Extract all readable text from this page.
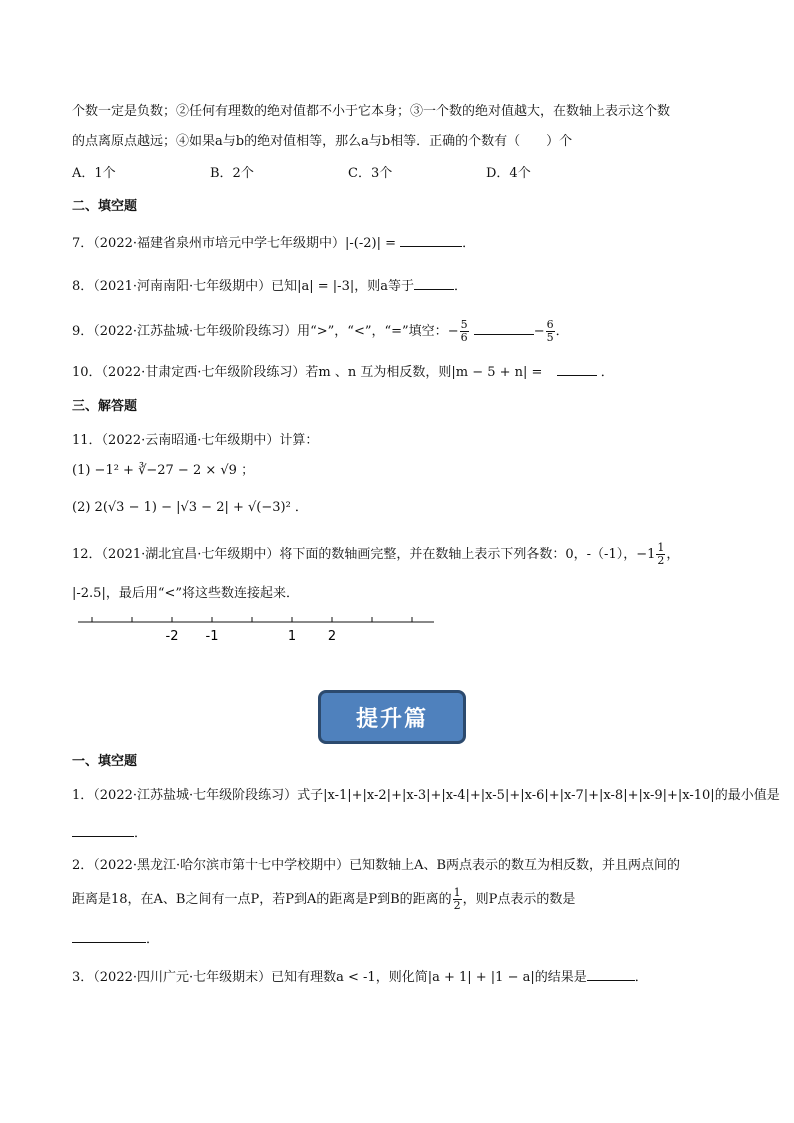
个数一定是负数；②任何有理数的绝对值都不小于它本身；③一个数的绝对值越大，在数轴上表示这个数
的点离原点越远；④如果a与b的绝对值相等，那么a与b相等．正确的个数有（　　）个
A．1个	B．2个	C．3个	D．4个
二、填空题
7．（2022·福建省泉州市培元中学七年级期中）|-(-2)| =	．
8．（2021·河南南阳·七年级期中）已知|a| = |-3|，则a等于	．
9．（2022·江苏盐城·七年级阶段练习）用“>”，“<”，“=”填空：− $\frac{5}{6}$	− $\frac{6}{5}$ ．
10．（2022·甘肃定西·七年级阶段练习）若m 、n 互为相反数，则|m − 5 + n| =	．
三、解答题
11．（2022·云南昭通·七年级期中）计算：
(1) −1² + ∛−27 − 2 × √9 ；
(2) 2(√3 − 1) − |√3 − 2| + √(−3)² ．
12．（2021·湖北宜昌·七年级期中）将下面的数轴画完整，并在数轴上表示下列各数：0，-（-1），$-1 \frac{1}{2}$ ，
|-2.5|，最后用“<”将这些数连接起来．
-2 -1	1 2
提升篇
一、填空题
1．（2022·江苏盐城·七年级阶段练习）式子|x-1|+|x-2|+|x-3|+|x-4|+|x-5|+|x-6|+|x-7|+|x-8|+|x-9|+|x-10|的最小值是
．
2．（2022·黑龙江·哈尔滨市第十七中学校期中）已知数轴上A、B两点表示的数互为相反数，并且两点间的
距离是18，在A、B之间有一点P，若P到A的距离是P到B的距离的 $\frac{1}{2}$ ，则P点表示的数是
．
3．（2022·四川广元·七年级期末）已知有理数a < -1，则化简|a + 1| + |1 − a|的结果是	．
